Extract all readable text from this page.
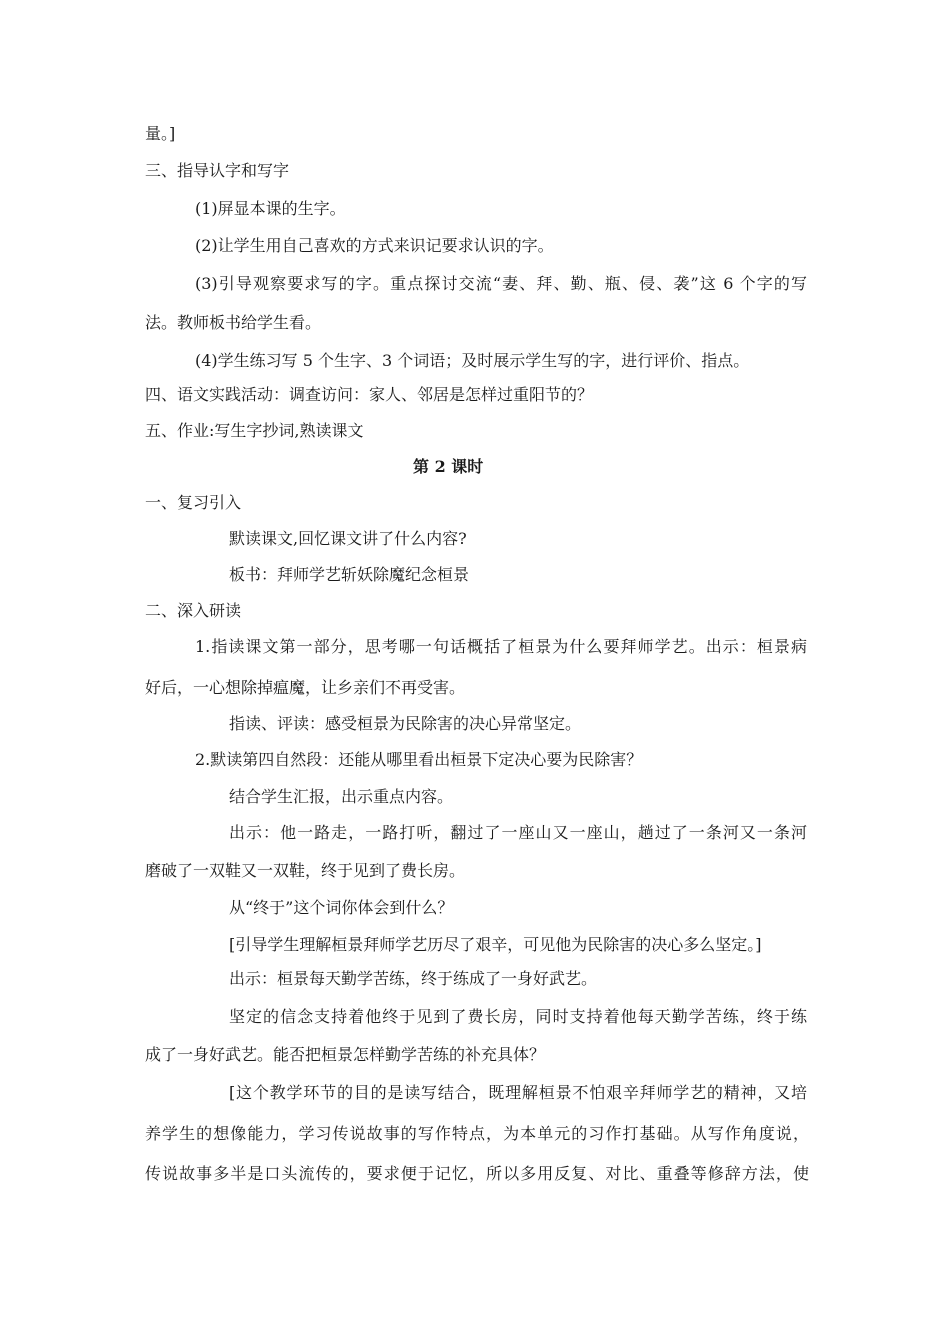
量。]
三、指导认字和写字
(1)屏显本课的生字。
(2)让学生用自己喜欢的方式来识记要求认识的字。
(3)引导观察要求写的字。重点探讨交流“妻、拜、勤、瓶、侵、袭”这 6 个字的写
法。教师板书给学生看。
(4)学生练习写 5 个生字、3 个词语；及时展示学生写的字，进行评价、指点。
四、语文实践活动：调查访问：家人、邻居是怎样过重阳节的？
五、作业:写生字抄词,熟读课文
第 2 课时
一、复习引入
默读课文,回忆课文讲了什么内容?
板书：拜师学艺斩妖除魔纪念桓景
二、深入研读
1.指读课文第一部分，思考哪一句话概括了桓景为什么要拜师学艺。出示：桓景病
好后，一心想除掉瘟魔，让乡亲们不再受害。
指读、评读：感受桓景为民除害的决心异常坚定。
2.默读第四自然段：还能从哪里看出桓景下定决心要为民除害？
结合学生汇报，出示重点内容。
出示：他一路走，一路打听，翻过了一座山又一座山，趟过了一条河又一条河
磨破了一双鞋又一双鞋，终于见到了费长房。
从“终于”这个词你体会到什么？
[引导学生理解桓景拜师学艺历尽了艰辛，可见他为民除害的决心多么坚定。]
出示：桓景每天勤学苦练，终于练成了一身好武艺。
坚定的信念支持着他终于见到了费长房，同时支持着他每天勤学苦练，终于练
成了一身好武艺。能否把桓景怎样勤学苦练的补充具体？
[这个教学环节的目的是读写结合，既理解桓景不怕艰辛拜师学艺的精神，又培
养学生的想像能力，学习传说故事的写作特点，为本单元的习作打基础。从写作角度说，
传说故事多半是口头流传的，要求便于记忆，所以多用反复、对比、重叠等修辞方法，使
